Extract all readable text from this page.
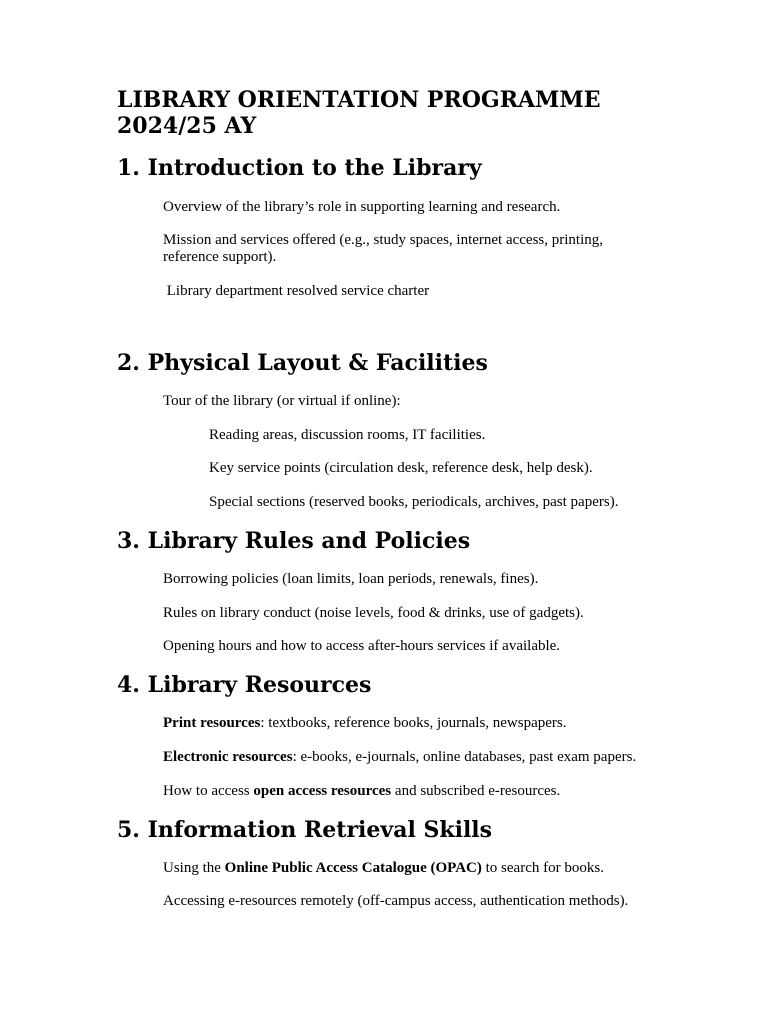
LIBRARY ORIENTATION PROGRAMME 2024/25 AY
1. Introduction to the Library

Overview of the library’s role in supporting learning and research.

Mission and services offered (e.g., study spaces, internet access, printing, reference support).

Library department resolved service charter

2. Physical Layout & Facilities

Tour of the library (or virtual if online):

Reading areas, discussion rooms, IT facilities.

Key service points (circulation desk, reference desk, help desk).

Special sections (reserved books, periodicals, archives, past papers).

3. Library Rules and Policies

Borrowing policies (loan limits, loan periods, renewals, fines).

Rules on library conduct (noise levels, food & drinks, use of gadgets).

Opening hours and how to access after-hours services if available.

4. Library Resources

Print resources: textbooks, reference books, journals, newspapers.

Electronic resources: e-books, e-journals, online databases, past exam papers.

How to access open access resources and subscribed e-resources.

5. Information Retrieval Skills

Using the Online Public Access Catalogue (OPAC) to search for books.

Accessing e-resources remotely (off-campus access, authentication methods).
